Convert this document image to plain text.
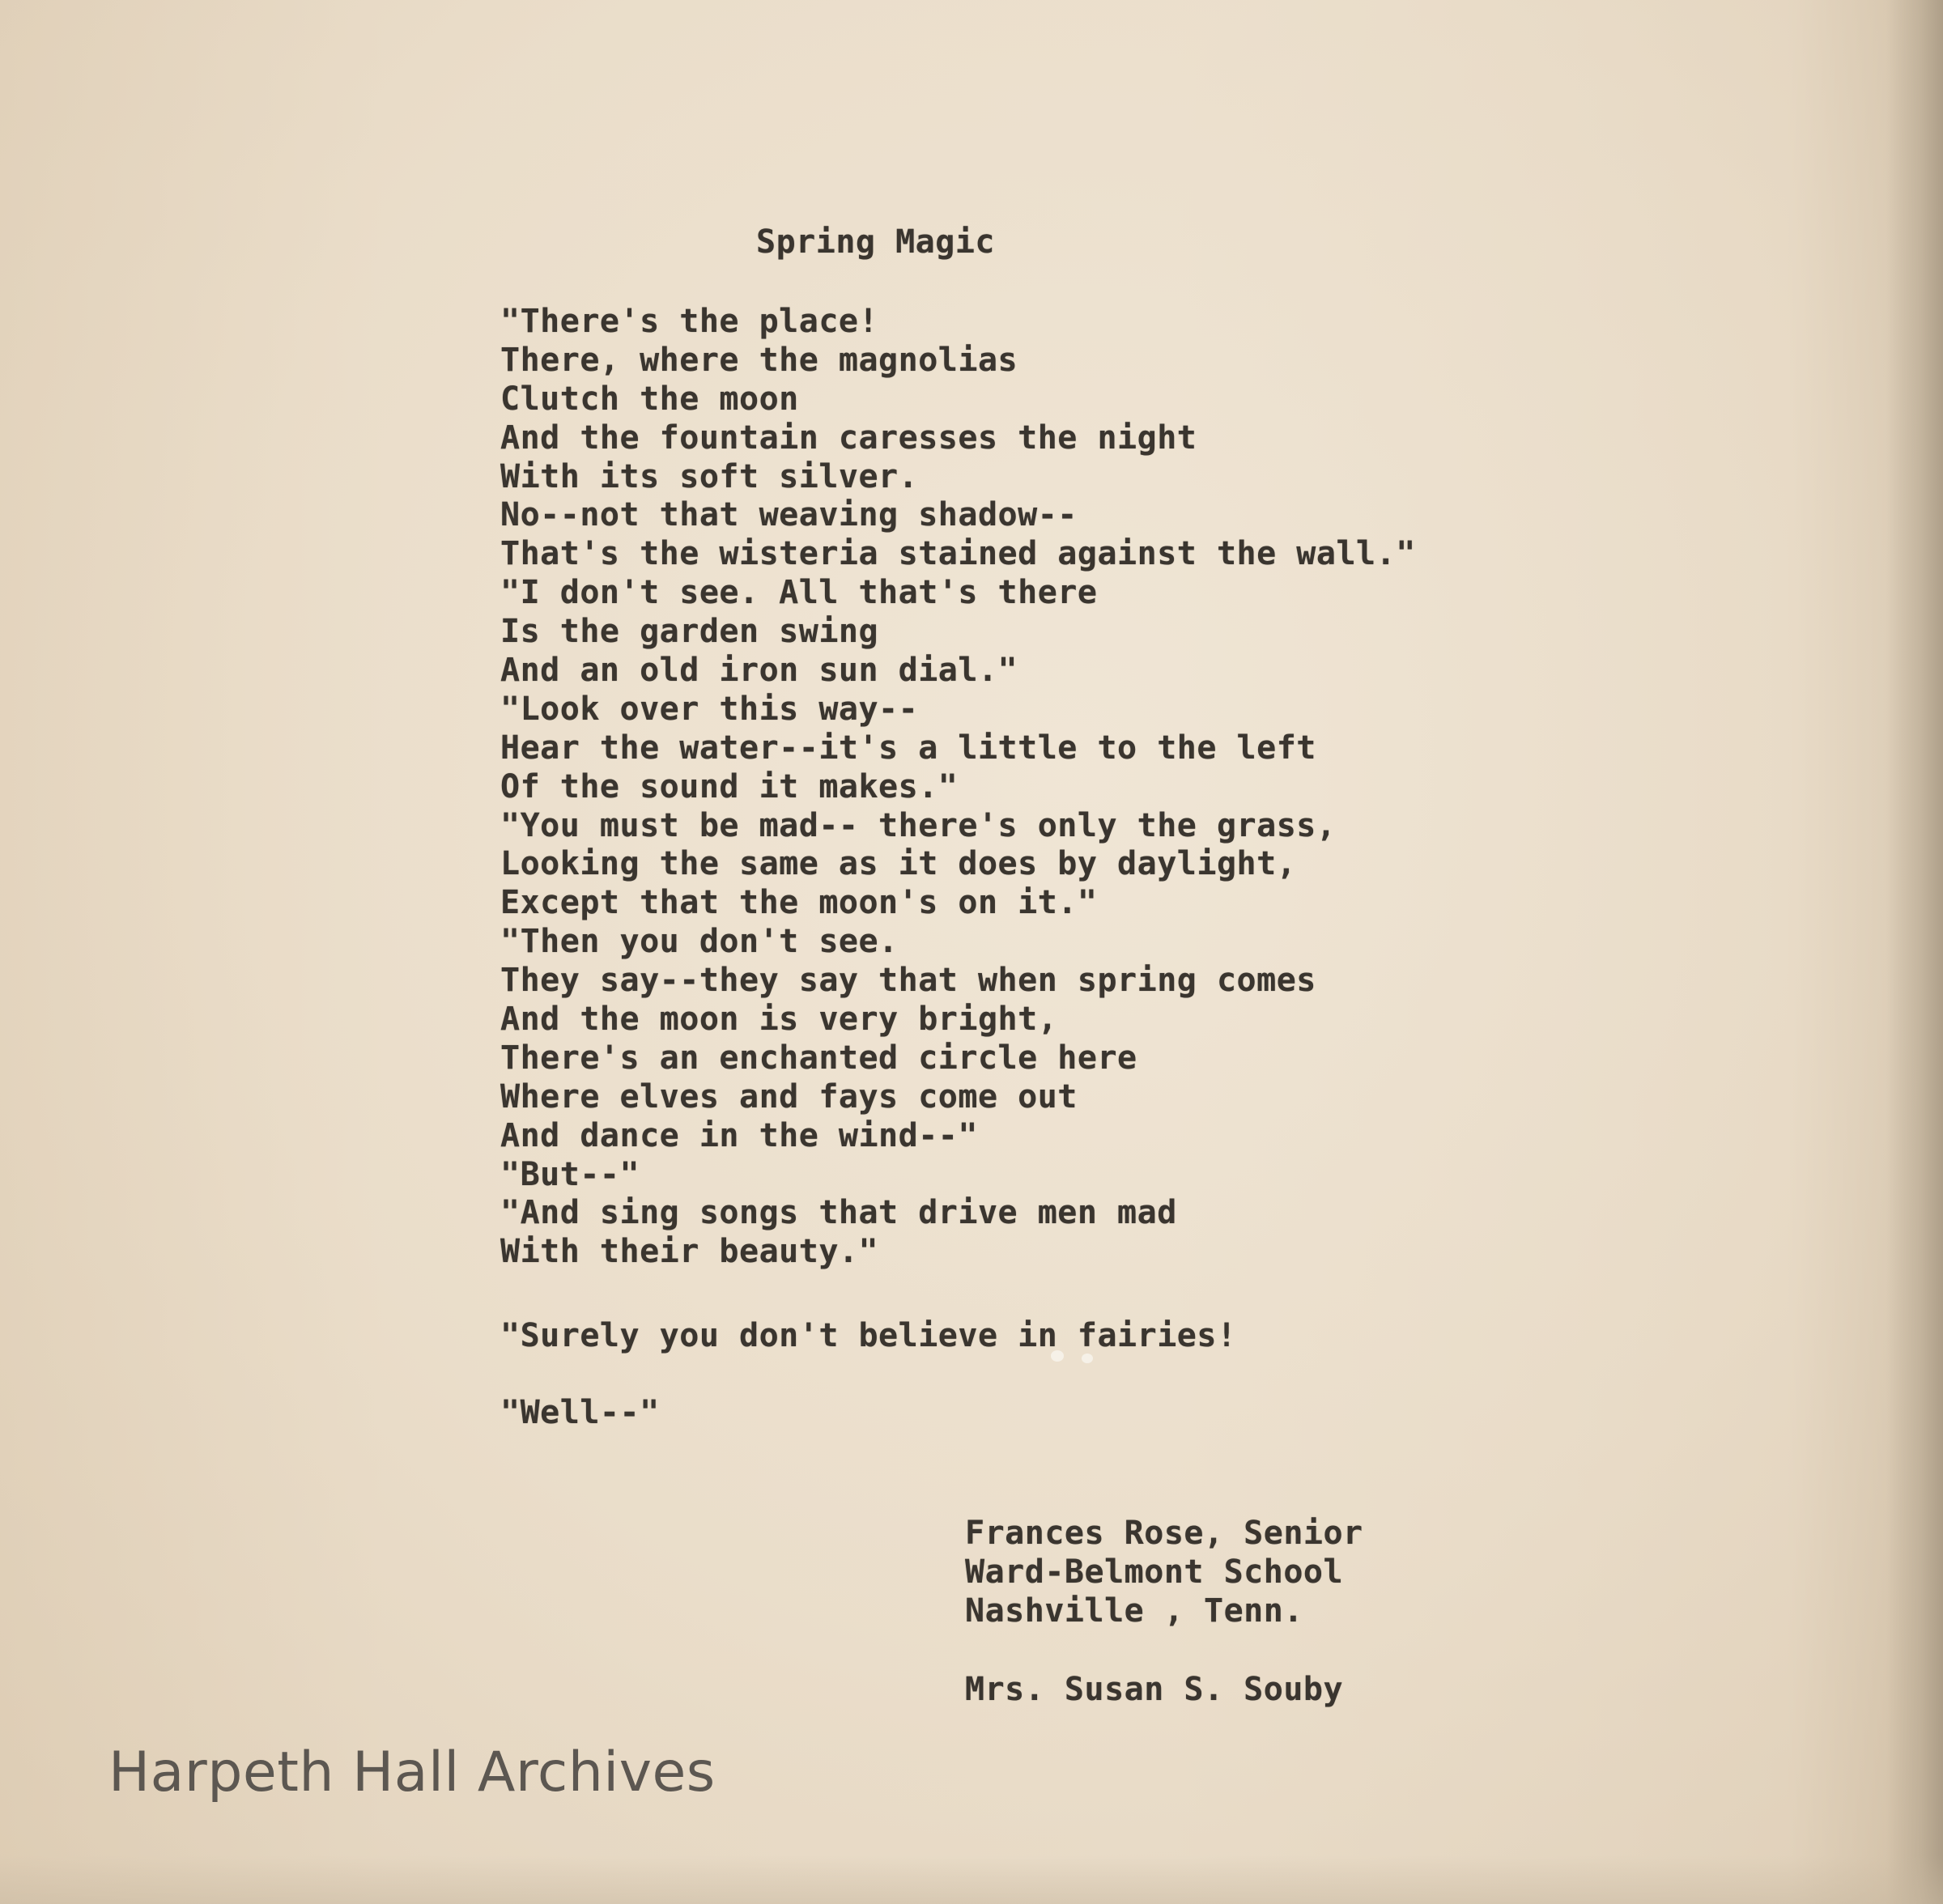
Spring Magic
"There's the place!
There, where the magnolias
Clutch the moon
And the fountain caresses the night
With its soft silver.
No--not that weaving shadow--
That's the wisteria stained against the wall."
"I don't see. All that's there
Is the garden swing
And an old iron sun dial."
"Look over this way--
Hear the water--it's a little to the left
Of the sound it makes."
"You must be mad-- there's only the grass,
Looking the same as it does by daylight,
Except that the moon's on it."
"Then you don't see.
They say--they say that when spring comes
And the moon is very bright,
There's an enchanted circle here
Where elves and fays come out
And dance in the wind--"
"But--"
"And sing songs that drive men mad
With their beauty."
"Surely you don't believe in fairies!
"Well--"
Frances Rose, Senior
Ward-Belmont School
Nashville , Tenn.
Mrs. Susan S. Souby
Harpeth Hall Archives
